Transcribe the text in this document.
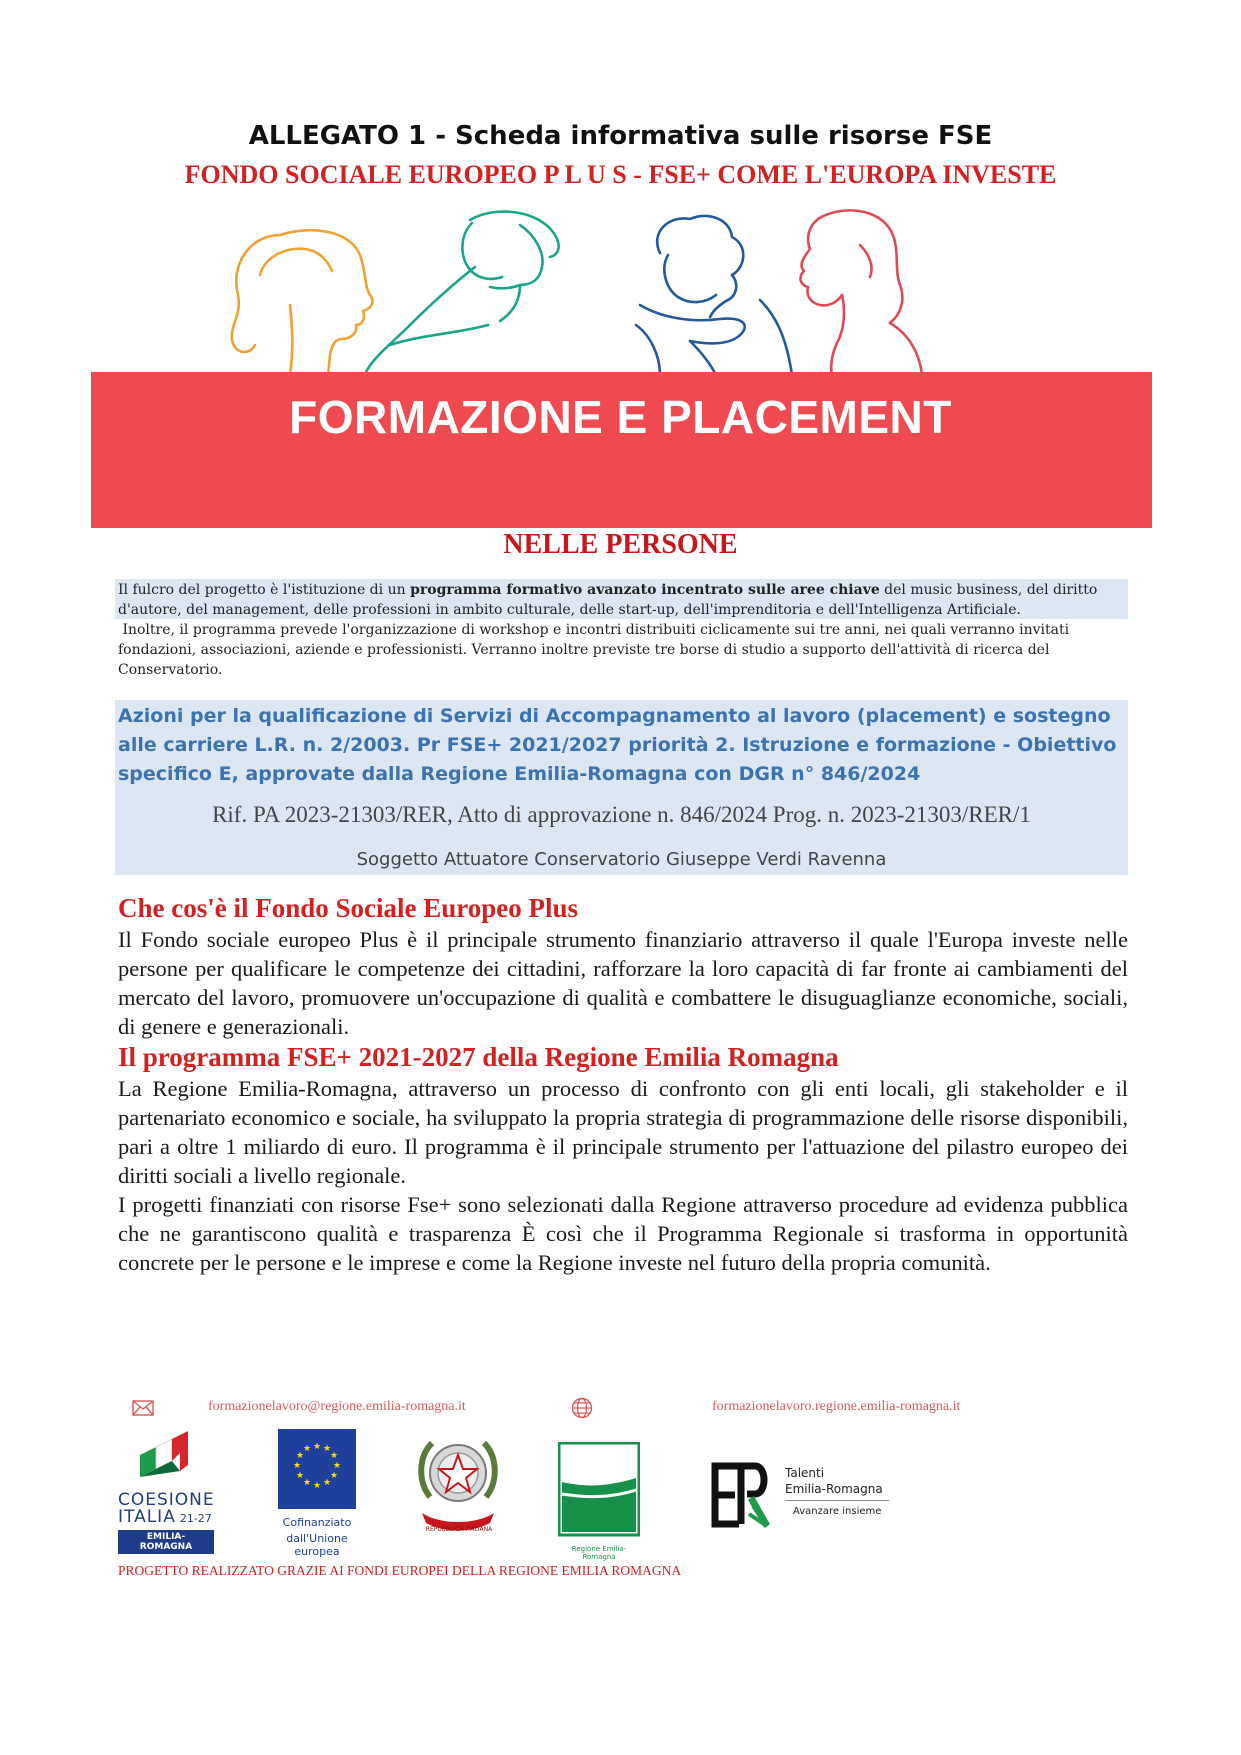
ALLEGATO 1 - Scheda informativa sulle risorse FSE
FONDO SOCIALE EUROPEO P L U S - FSE+ COME L'EUROPA INVESTE
FORMAZIONE E PLACEMENT
NELLE PERSONE

Il fulcro del progetto è l'istituzione di un programma formativo avanzato incentrato sulle aree chiave del music business, del diritto d'autore, del management, delle professioni in ambito culturale, delle start-up, dell'imprenditoria e dell'Intelligenza Artificiale.

Inoltre, il programma prevede l'organizzazione di workshop e incontri distribuiti ciclicamente sui tre anni, nei quali verranno invitati fondazioni, associazioni, aziende e professionisti. Verranno inoltre previste tre borse di studio a supporto dell'attività di ricerca del Conservatorio.

Azioni per la qualificazione di Servizi di Accompagnamento al lavoro (placement) e sostegno alle carriere L.R. n. 2/2003. Pr FSE+ 2021/2027 priorità 2. Istruzione e formazione - Obiettivo specifico E, approvate dalla Regione Emilia-Romagna con DGR n° 846/2024
Rif. PA 2023-21303/RER, Atto di approvazione n. 846/2024 Prog. n. 2023-21303/RER/1
Soggetto Attuatore Conservatorio Giuseppe Verdi Ravenna
Che cos'è il Fondo Sociale Europeo Plus

Il Fondo sociale europeo Plus è il principale strumento finanziario attraverso il quale l'Europa investe nelle persone per qualificare le competenze dei cittadini, rafforzare la loro capacità di far fronte ai cambiamenti del mercato del lavoro, promuovere un'occupazione di qualità e combattere le disuguaglianze economiche, sociali, di genere e generazionali.

Il programma FSE+ 2021-2027 della Regione Emilia Romagna

La Regione Emilia-Romagna, attraverso un processo di confronto con gli enti locali, gli stakeholder e il partenariato economico e sociale, ha sviluppato la propria strategia di programmazione delle risorse disponibili, pari a oltre 1 miliardo di euro. Il programma è il principale strumento per l'attuazione del pilastro europeo dei diritti sociali a livello regionale.

I progetti finanziati con risorse Fse+ sono selezionati dalla Regione attraverso procedure ad evidenza pubblica che ne garantiscono qualità e trasparenza È così che il Programma Regionale si trasforma in opportunità concrete per le persone e le imprese e come la Regione investe nel futuro della propria comunità.

formazionelavoro@regione.emilia-romagna.it	formazionelavoro.regione.emilia-romagna.it
COESIONE
ITALIA 21-27
EMILIA-ROMAGNA
★ ★
★
★
★
★
★
★
★
★
★
★
Cofinanziato
dall'Unione europea
REPUBBLICA ITALIANA
Regione Emilia-Romagna
Talenti
Emilia-Romagna
Avanzare insieme
PROGETTO REALIZZATO GRAZIE AI FONDI EUROPEI DELLA REGIONE EMILIA ROMAGNA
